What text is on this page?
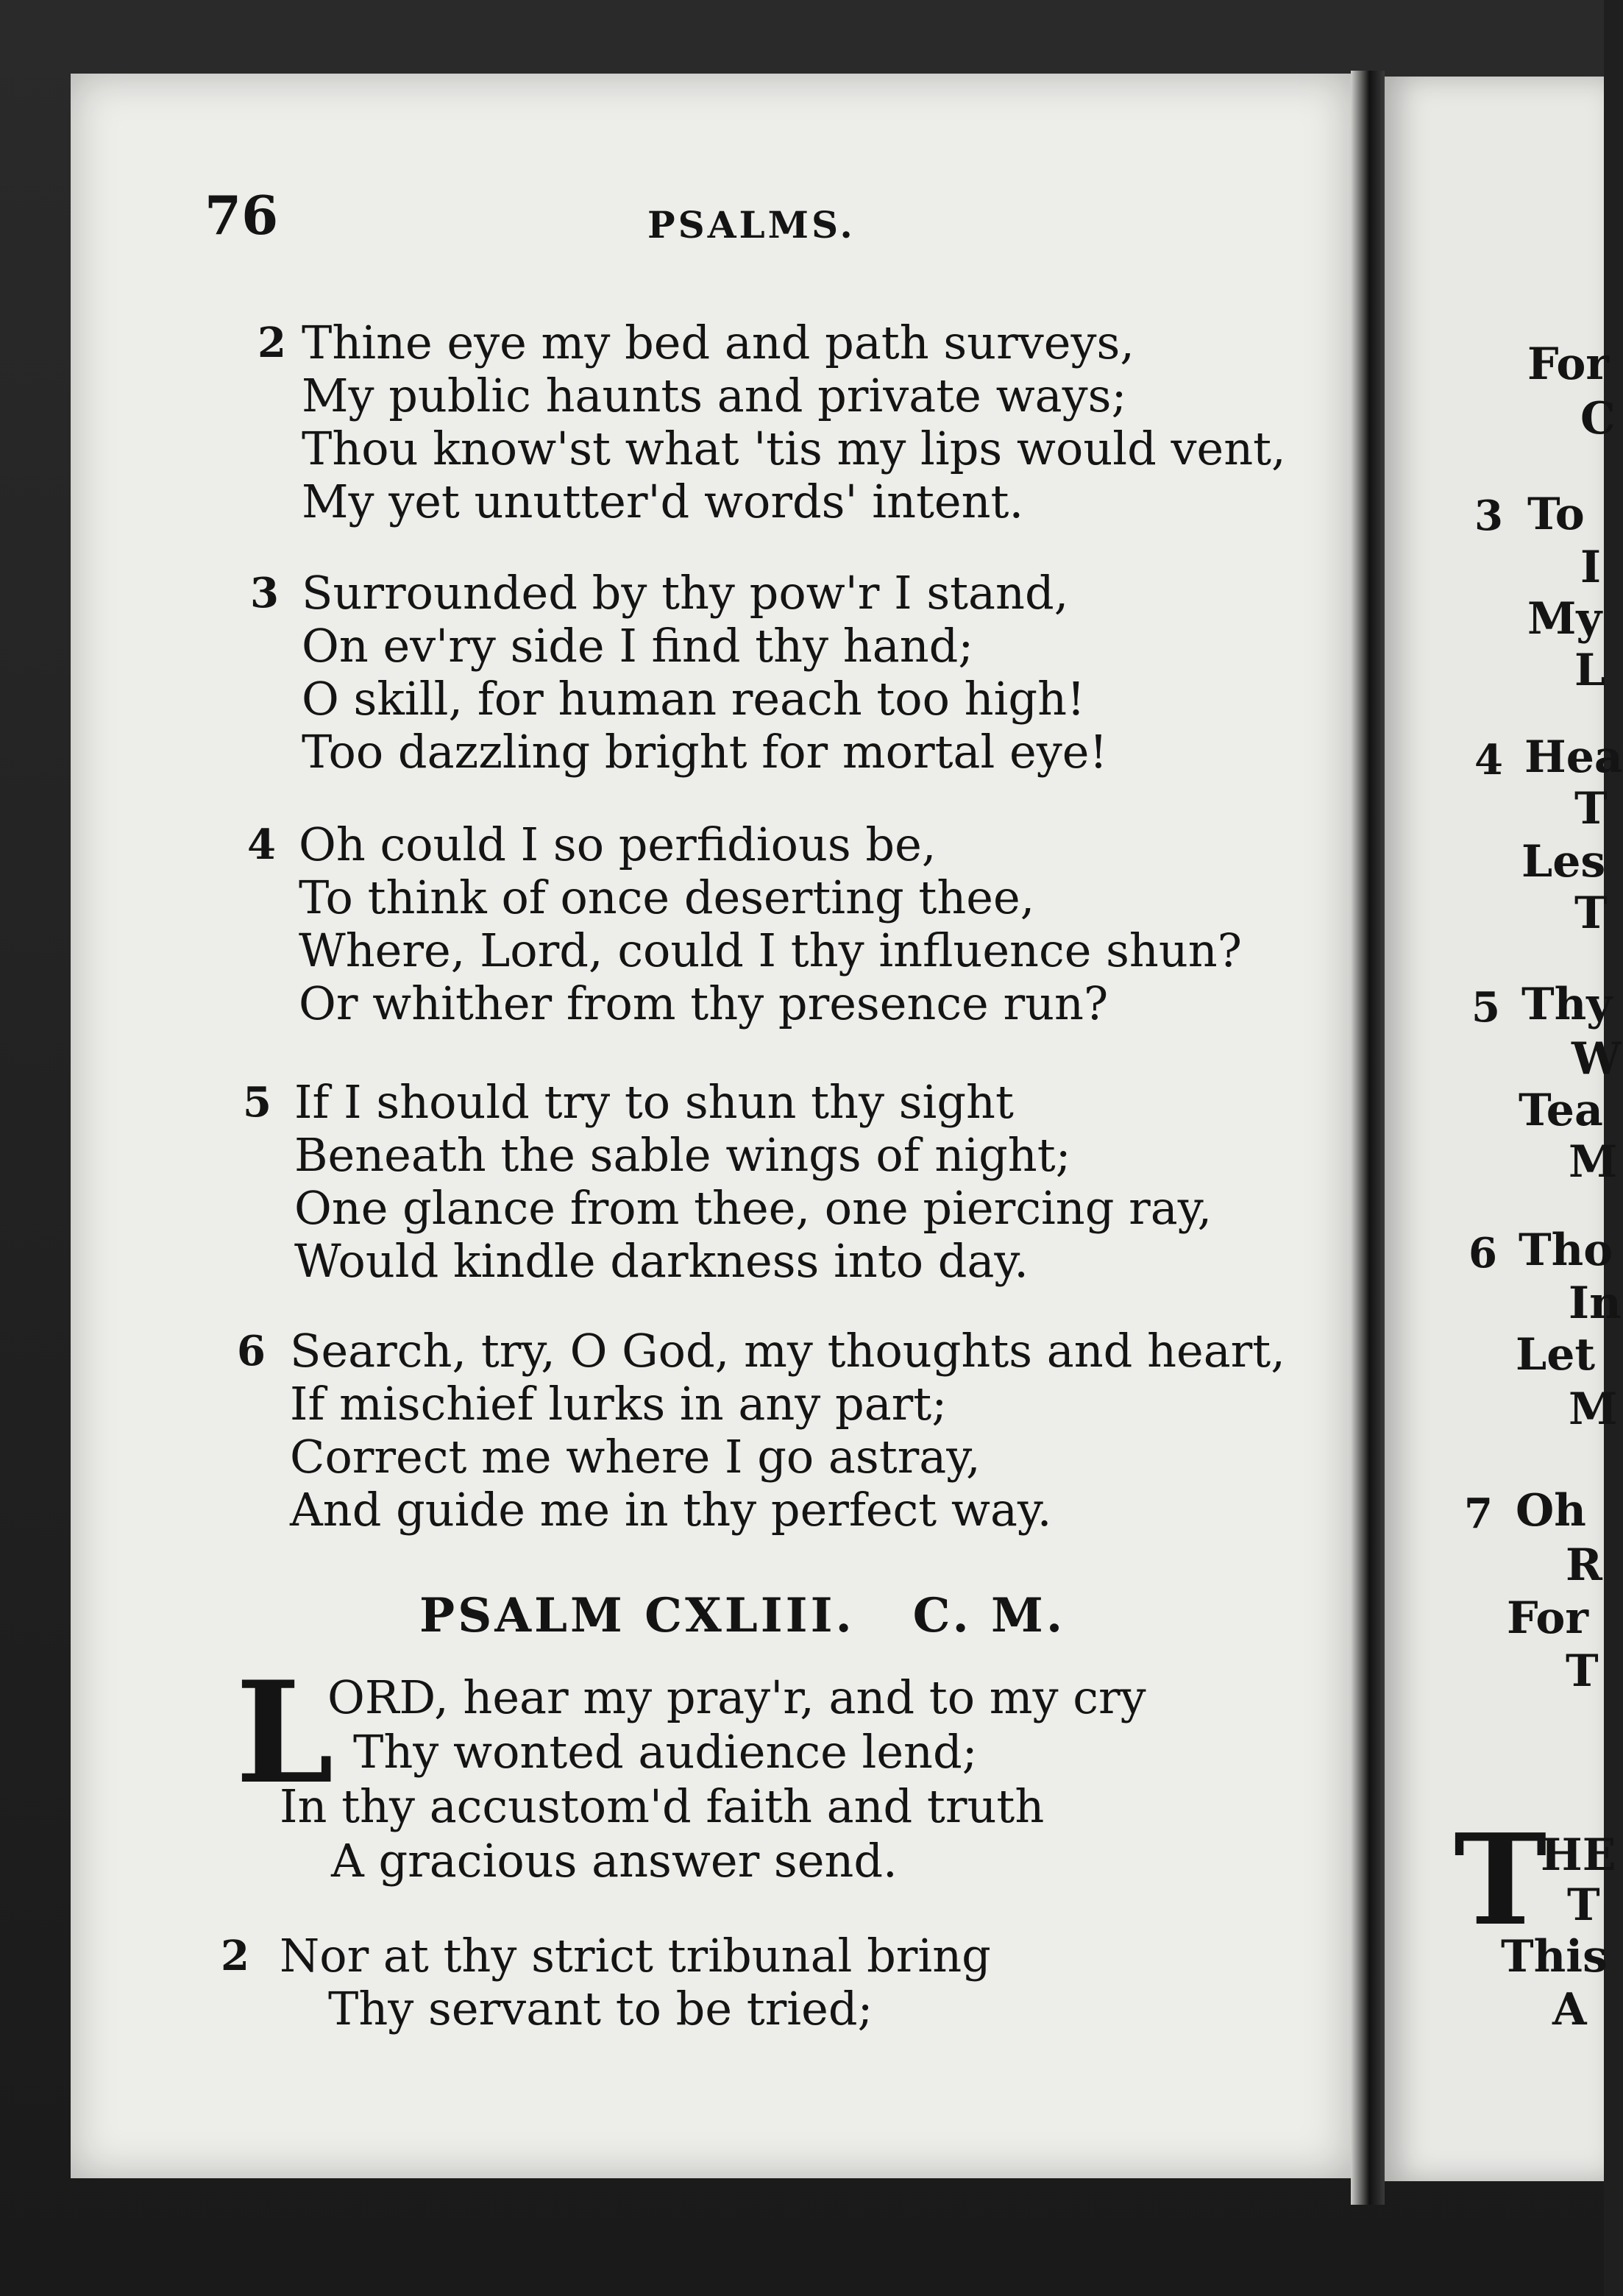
76	PSALMS.
2 Thine eye my bed and path surveys,
My public haunts and private ways;
Thou know'st what 'tis my lips would vent,
My yet unutter'd words' intent.
3 Surrounded by thy pow'r I stand,
On ev'ry side I find thy hand;
O skill, for human reach too high!
Too dazzling bright for mortal eye!
4 Oh could I so perfidious be,
To think of once deserting thee,
Where, Lord, could I thy influence shun?
Or whither from thy presence run?
5 If I should try to shun thy sight
Beneath the sable wings of night;
One glance from thee, one piercing ray,
Would kindle darkness into day.
6 Search, try, O God, my thoughts and heart,
If mischief lurks in any part;
Correct me where I go astray,
And guide me in thy perfect way.
PSALM CXLIII.   C. M.
L
ORD, hear my pray'r, and to my cry
Thy wonted audience lend;
In thy accustom'd faith and truth
A gracious answer send.
2 Nor at thy strict tribunal bring
Thy servant to be tried;
For
C
3 To
I
My
L
4 Hea
T
Les
T
5 Thy
W
Tea
M
6 Tho
In
Let
M
7 Oh
R
For
T
T
HE
T
This
A
